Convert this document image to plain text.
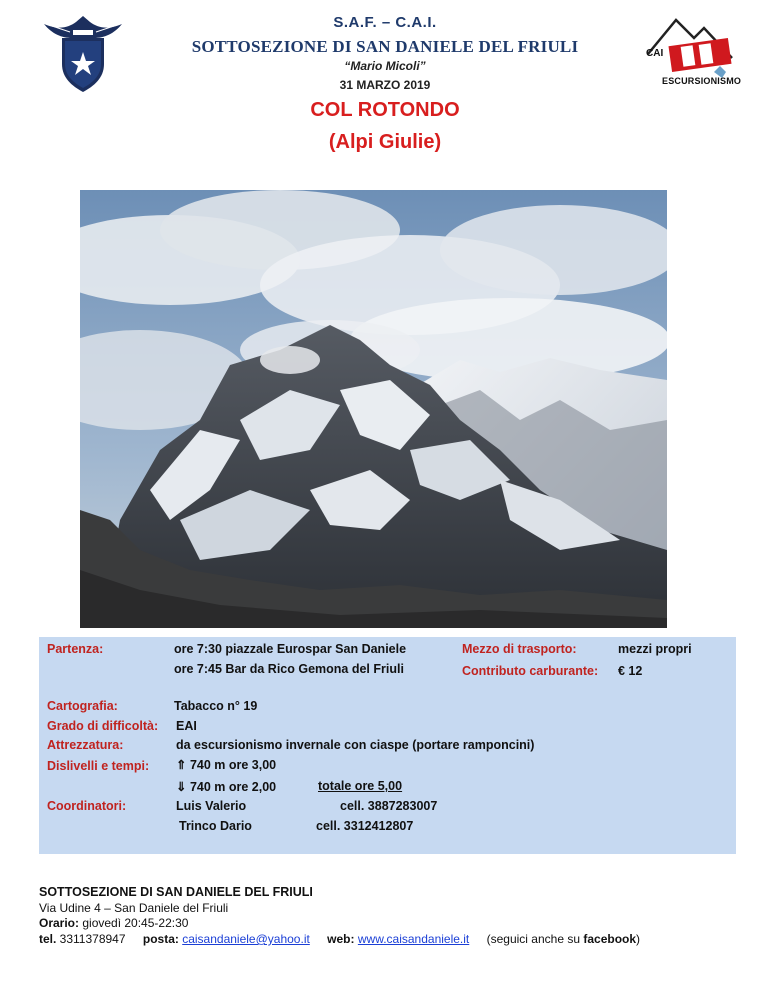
CAI
ESCURSIONISMO
S.A.F. – C.A.I.
SOTTOSEZIONE DI SAN DANIELE DEL FRIULI
“Mario Micoli”
31 MARZO 2019
COL ROTONDO
(Alpi Giulie)
Partenza:	ore 7:30 piazzale Eurospar San Daniele
ore 7:45 Bar da Rico Gemona del Friuli
Mezzo di trasporto:	mezzi propri
Contributo carburante: € 12
Cartografia:	Tabacco n° 19
Grado di difficoltà: EAI
Attrezzatura:	da escursionismo invernale con ciaspe (portare ramponcini)
Dislivelli e tempi: ⇑ 740 m ore 3,00
⇓ 740 m ore 2,00	totale ore 5,00
Coordinatori:	Luis Valerio	cell. 3887283007
Trinco Dario	cell. 3312412807
SOTTOSEZIONE DI SAN DANIELE DEL FRIULI
Via Udine 4 – San Daniele del Friuli
Orario: giovedì 20:45-22:30
tel. 3311378947 posta: caisandaniele@yahoo.it web: www.caisandaniele.it (seguici anche su facebook)
